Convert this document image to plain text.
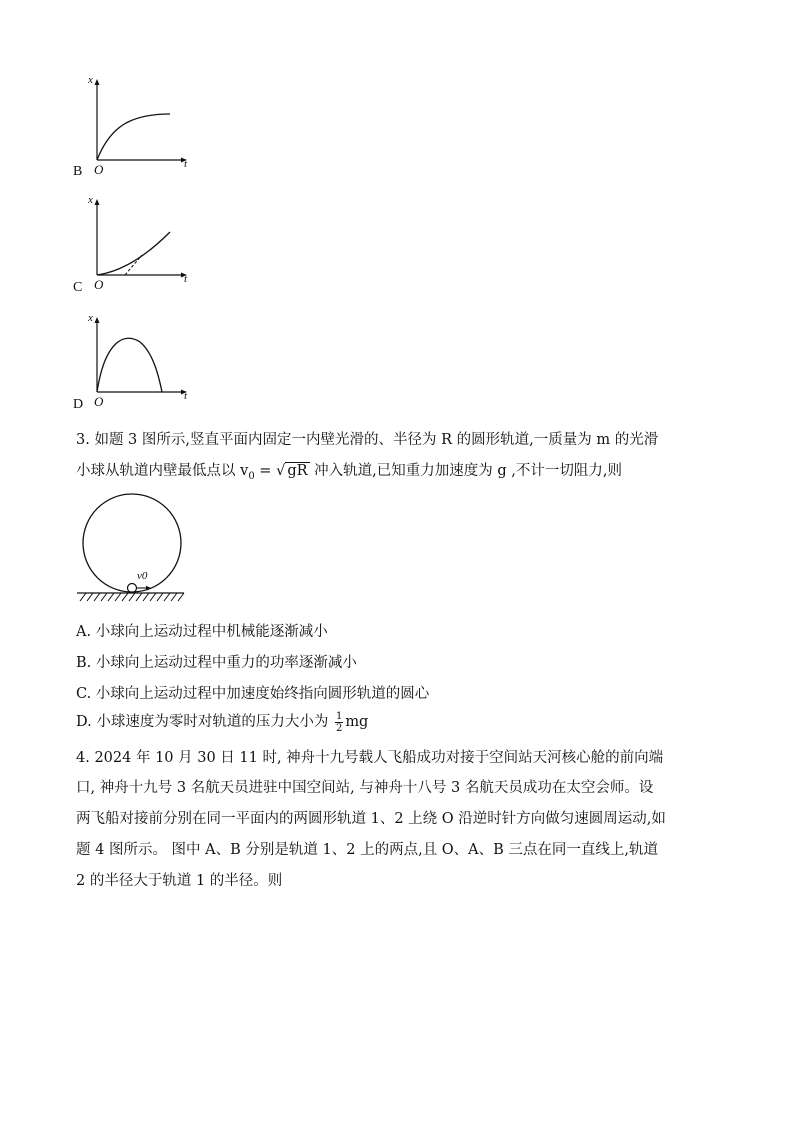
x
t
O
B
x
t
O
C
x
t
O
D
3. 如题 3 图所示,竖直平面内固定一内壁光滑的、半径为 R 的圆形轨道,一质量为 m 的光滑
小球从轨道内壁最低点以 $v_0$ = √ gR 冲入轨道,已知重力加速度为 g ,不计一切阻力,则
v0
A. 小球向上运动过程中机械能逐渐减小
B. 小球向上运动过程中重力的功率逐渐减小
C. 小球向上运动过程中加速度始终指向圆形轨道的圆心
D. 小球速度为零时对轨道的压力大小为 $\frac{1}{2}$ mg
4. 2024 年 10 月 30 日 11 时, 神舟十九号载人飞船成功对接于空间站天河核心舱的前向端
口, 神舟十九号 3 名航天员进驻中国空间站, 与神舟十八号 3 名航天员成功在太空会师。设
两飞船对接前分别在同一平面内的两圆形轨道 1、2 上绕 O 沿逆时针方向做匀速圆周运动,如
题 4 图所示。 图中 A、B 分别是轨道 1、2 上的两点,且 O、A、B 三点在同一直线上,轨道
2 的半径大于轨道 1 的半径。则
